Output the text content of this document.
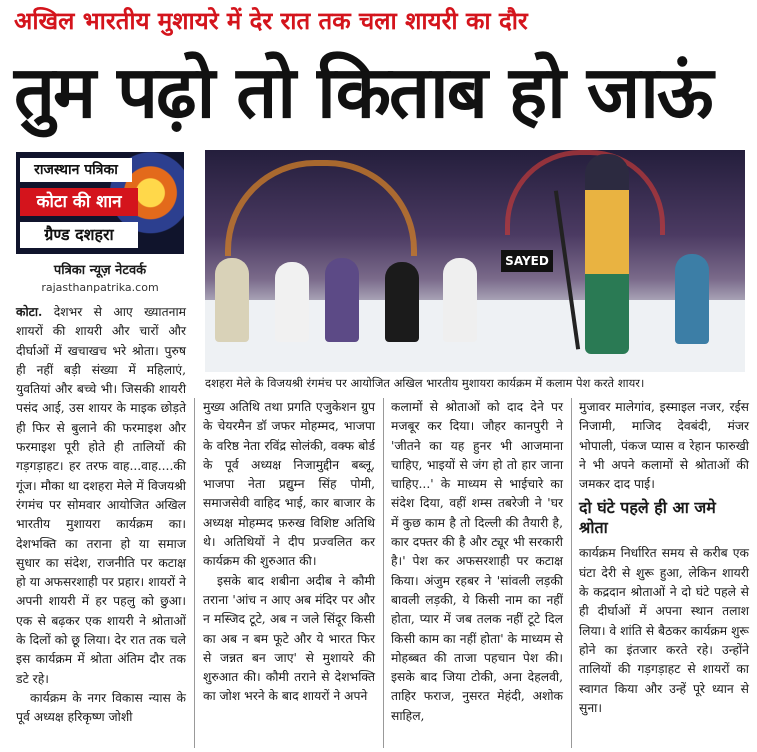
अखिल भारतीय मुशायरे में देर रात तक चला शायरी का दौर
तुम पढ़ो तो किताब हो जाऊं
राजस्थान पत्रिका
कोटा की शान
ग्रैण्ड दशहरा
पत्रिका न्यूज़ नेटवर्क
rajasthanpatrika.com
SAYED
दशहरा मेले के विजयश्री रंगमंच पर आयोजित अखिल भारतीय मुशायरा कार्यक्रम में कलाम पेश करते शायर।

कोटा. देशभर से आए ख्यातनाम शायरों की शायरी और चारों और दीर्घाओं में खचाखच भरे श्रोता। पुरुष ही नहीं बड़ी संख्या में महिलाएं, युवतियां और बच्चे भी। जिसकी शायरी पसंद आई, उस शायर के माइक छोड़ते ही फिर से बुलाने की फरमाइश और फरमाइश पूरी होते ही तालियों की गड़गड़ाहट। हर तरफ वाह...वाह....की गूंज। मौका था दशहरा मेले में विजयश्री रंगमंच पर सोमवार आयोजित अखिल भारतीय मुशायरा कार्यक्रम का। देशभक्ति का तराना हो या समाज सुधार का संदेश, राजनीति पर कटाक्ष हो या अफसरशाही पर प्रहार। शायरों ने अपनी शायरी में हर पहलु को छुआ। एक से बढ़कर एक शायरी ने श्रोताओं के दिलों को छू लिया। देर रात तक चले इस कार्यक्रम में श्रोता अंतिम दौर तक डटे रहे।

कार्यक्रम के नगर विकास न्यास के पूर्व अध्यक्ष हरिकृष्ण जोशी

मुख्य अतिथि तथा प्रगति एजुकेशन ग्रुप के चेयरमैन डॉ जफर मोहम्मद, भाजपा के वरिष्ठ नेता रविंद्र सोलंकी, वक्फ बोर्ड के पूर्व अध्यक्ष निजामुद्दीन बब्लू, भाजपा नेता प्रद्युम्न सिंह पोमी, समाजसेवी वाहिद भाई, कार बाजार के अध्यक्ष मोहम्मद फ़रुख विशिष्ट अतिथि थे। अतिथियों ने दीप प्रज्वलित कर कार्यक्रम की शुरुआत की।

इसके बाद शबीना अदीब ने कौमी तराना 'आंच न आए अब मंदिर पर और न मस्जिद टूटे, अब न जले सिंदूर किसी का अब न बम फूटे और ये भारत फिर से जन्नत बन जाए' से मुशायरे की शुरुआत की। कौमी तराने से देशभक्ति का जोश भरने के बाद शायरों ने अपने

कलामों से श्रोताओं को दाद देने पर मजबूर कर दिया। जौहर कानपुरी ने 'जीतने का यह हुनर भी आजमाना चाहिए, भाइयों से जंग हो तो हार जाना चाहिए...' के माध्यम से भाईचारे का संदेश दिया, वहीं शम्स तबरेजी ने 'घर में कुछ काम है तो दिल्ली की तैयारी है, कार दफ्तर की है और ट्यूर भी सरकारी है।' पेश कर अफसरशाही पर कटाक्ष किया। अंजुम रहबर ने 'सांवली लड़की बावली लड़की, ये किसी नाम का नहीं होता, प्यार में जब तलक नहीं टूटे दिल किसी काम का नहीं होता' के माध्यम से मोहब्बत की ताजा पहचान पेश की। इसके बाद जिया टोकी, अना देहलवी, ताहिर फराज, नुसरत मेहंदी, अशोक साहिल,

मुजावर मालेगांव, इस्माइल नजर, रईस निजामी, माजिद देवबंदी, मंजर भोपाली, पंकज प्यास व रेहान फारुखी ने भी अपने कलामों से श्रोताओं की जमकर दाद पाई।

दो घंटे पहले ही आ जमे श्रोता

कार्यक्रम निर्धारित समय से करीब एक घंटा देरी से शुरू हुआ, लेकिन शायरी के कद्रदान श्रोताओं ने दो घंटे पहले से ही दीर्घाओं में अपना स्थान तलाश लिया। वे शांति से बैठकर कार्यक्रम शुरू होने का इंतजार करते रहे। उन्होंने तालियों की गड़गड़ाहट से शायरों का स्वागत किया और उन्हें पूरे ध्यान से सुना।
